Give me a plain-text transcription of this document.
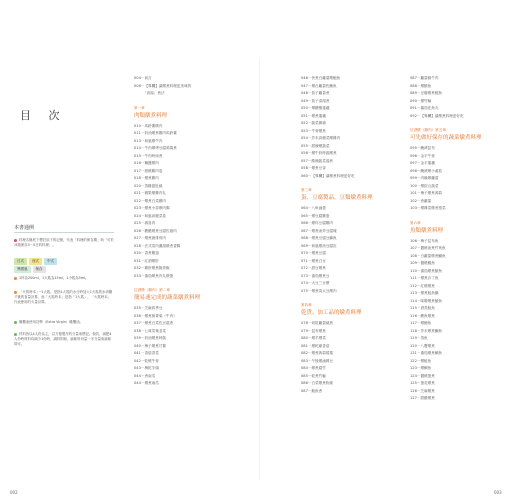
目 次
本書通例
料理名稱底下標註如下的記號，代表「料理的保存期」與「可於冰箱保存3～5日的料理」。
日式	西式	中式
異國風	保存
1杯為200ml，1大匙為15ml，1小匙為5ml。
「火的時本」─1大匙，是指1大匙的水分時加入1大匙的水到剛才後的食量計算，而「大匙時本」是指「1大匙」，「大匙時本」代表使用的火量計算。
橄欖油使用初榨（Extra Virgin）橄欖油。
材料皆以4人份為主，以方便製作的分量來標記。倘若，減肥4人份時材料均減少1份時，調料則和，調味料份量一半分量來調味即可。
004－前言
006－【專欄】讓燉煮料理更美味的
　　　「高湯」煮法
第一章
肉類燉煮料理
010－馬鈴薯燉肉
011－奶油燉煮雞肉馬鈴薯
013－和風燉牛肉
014－牛肉燉烤豆腐蒟蒻煮
015－牛肉時雨煮
016－麵醬燉肉
017－照燒雞肉卷
018－燉煮雞肉
020－蒸雞翅肚絲
021－蘋果燉雞肉丸
022－燉煮白菜雞肉
023－燉煮小蒜燉肉腸
024－和風高麗菜卷
025－壽喜肉
026－糖醋燉煮豆腐佐豬肉
027－燉煮豬排骨肉
028－法式菜肉濃湯燉煮香腸
030－香煮雞翅
031－紅酒燉肝
032－雞肝燉煮脆青椒
033－番茄燉煮肉丸燉蛋
紅酒燉（雞肉）第二章
簡易速完成的蔬菜燉煮料理
035－芝麻四季豆
036－燉煮蕪菁葉（牛肉）
037－燉煮白菜佐豆腐煮
038－七味菜葉韭菜
039－奶油燉煮時蔬
040－梅子燉煮甘薯
041－香菇香菜
042－乾燒牛蒡
043－梅乾芋頭
044－煮南瓜
044－燉煮南瓜
046－快煮白蘿蔔燉鮑魚
047－燉白蘿蔔佐鮪魚
048－茄子蘿蔔煮
049－茄子清湯煮
050－燉糖醋蓮藕
051－燉煮蓮藕
052－蔬菜雜燴
053－牛蒡燉煮
054－芥末高麗菜燉雞肉
055－甜辣燉蔬菜
056－燉牛奶時蔬燉煮
057－酸辣蔬菜湯煮
058－燉煮豆芽
060－【專欄】讓燉煮料理更好吃
第三章
蛋、豆腐製品、豆類燉煮料理
064－八角滷蛋
065－燉豆腐雞蛋
066－燉炸豆腐雞肉
067－燉煮油炸豆腐塊
068－燉煮豆腐豆鰺魚
069－和風燉油豆腐皮
070－燉煮豆腐
071－燉煮白豆
072－甜豆燉煮
073－番茄燉煮豆
074－大豆三豆燉
075－燉煮黃大豆燉肉
第四章
乾貨、加工品的燉煮料理
078－切乾蘿蔔絲煮
079－昆布燉煮
080－燉羊栖菜
081－燉乾燥香菇
082－燉煮蒟蒻捲捲
083－午後燉滷雜豆
084－燉煮腐竹
085－乾煮竹輪
086－白菜燉煮粉絲
087－魷魚煮
087－蘿蔔絲牛肉
088－燉鯖魚
089－豆瓣燉煮鱈魚
090－燉竹輪
091－蕃茄佐魚丸
092－【專欄】讓燉煮料理更好吃
紅酒燉（雞肉）第五章
可先做好保存的蔬菜燉煮料理
095－醃漬昆布
096－金平牛蒡
097－金平蓮藕
098－醃漬燉小番茄
099－肉燥燉蘿蔔
100－燉綜合蔬菜
101－梅子燉煮蒟蒻
102－煮蘿蔔
103－燉雜菜燉煮根菜
第六章
魚類燉煮料理
106－梅子昆布魚
107－醬燒油煮竹莢魚
108－白蘿蔔燉煮鰤魚
109－醬燒鰈魚
110－番茄燉煮鯖魚
111－燉煮沙丁魚
112－紅燒燉煮
113－燉煮鮭魚鍋
114－味噌燉煮鯖魚
115－酒蒸鮭魚
116－鰹魚燉煮
117－燉鮪魚
118－芥末燉煮鰤魚
119－蒸魚
120－八寶燉煮
121－番茄燉煮鯛魚
122－燉鮭魚
123－燉鯛魚
124－醬燒蛋煮
125－蛋花燉煮
126－芝麻燉煮
127－甜醋燉煮
002	003
